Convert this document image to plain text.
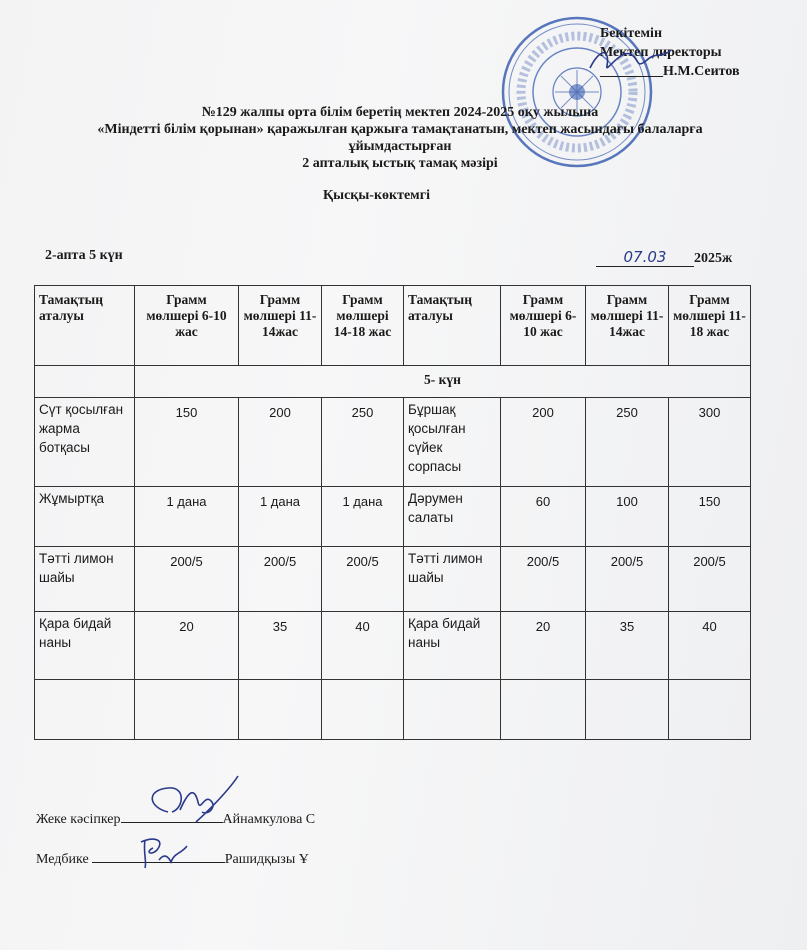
Бекітемін
Мектеп директоры
_________Н.М.Сеитов
№129 жалпы орта білім беретің мектеп 2024-2025 оқу жылына
«Міндетті білім қорынан» қаражылған қаржыға тамақтанатын, мектеп жасындағы балаларға
ұйымдастырған
2 апталық ыстық тамақ мәзірі
Қысқы-көктемгі
2-апта 5 күн	07.03 2025ж
Тамақтың аталуы	Грамм мөлшері 6-10 жас	Грамм мөлшері 11-14жас	Грамм мөлшері 14-18 жас	Тамақтың аталуы	Грамм мөлшері 6-10 жас	Грамм мөлшері 11-14жас	Грамм мөлшері 11-18 жас
	5- күн						
Сүт қосылған жарма ботқасы	150	200	250	Бұршақ қосылған сүйек сорпасы	200	250	300
Жұмыртқа	1 дана	1 дана	1 дана	Дәрумен салаты	60	100	150
Тәтті лимон шайы	200/5	200/5	200/5	Тәтті лимон шайы	200/5	200/5	200/5
Қара бидай наны	20	35	40	Қара бидай наны	20	35	40

Жеке кәсіпкер	Айнамкулова С
Медбике	Рашидқызы Ұ
